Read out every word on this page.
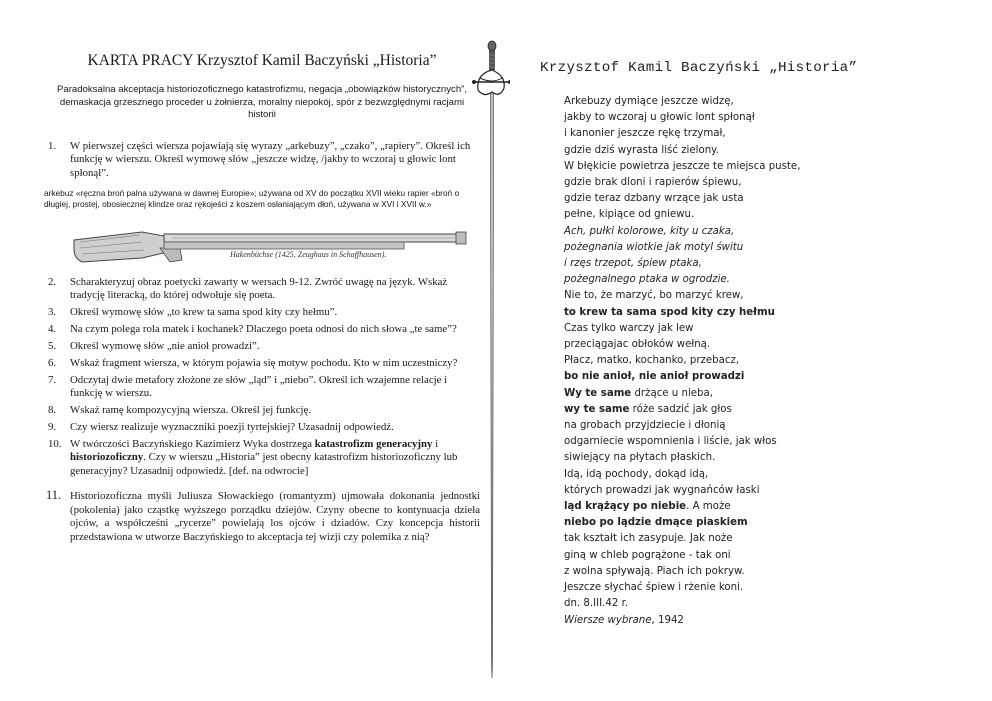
KARTA PRACY Krzysztof Kamil Baczyński „Historia”
Paradoksalna akceptacja historiozoficznego katastrofizmu, negacja „obowiązków historycznych”, demaskacja grzesznego proceder u żołnierza, moralny niepokój, spór z bezwzględnymi racjami historii
1. W pierwszej części wiersza pojawiają się wyrazy „arkebuzy”, „czako”, „rapiery”. Określ ich funkcję w wierszu. Określ wymowę słów „jeszcze widzę, /jakby to wczoraj u głowic lont spłonął”.
arkebuz «ręczna broń palna używana w dawnej Europie»; używana od XV do początku XVII wieku rapier «broń o długiej, prostej, obosiecznej klindze oraz rękojeści z koszem osłaniającym dłoń, używana w XVI i XVII w.»
Hakenbüchse (1425, Zeughaus in Schaffhausen).
2. Scharakteryzuj obraz poetycki zawarty w wersach 9-12. Zwróć uwagę na język. Wskaż tradycję literacką, do której odwołuje się poeta.
3. Określ wymowę słów „to krew ta sama spod kity czy hełmu”.
4. Na czym polega rola matek i kochanek? Dlaczego poeta odnosi do nich słowa „te same”?
5. Określ wymowę słów „nie anioł prowadzi”.
6. Wskaż fragment wiersza, w którym pojawia się motyw pochodu. Kto w nim uczestniczy?
7. Odczytaj dwie metafory złożone ze słów „ląd” i „niebo”. Określ ich wzajemne relacje i funkcję w wierszu.
8. Wskaż ramę kompozycyjną wiersza. Określ jej funkcję.
9. Czy wiersz realizuje wyznaczniki poezji tyrtejskiej? Uzasadnij odpowiedź.
10. W twórczości Baczyńskiego Kazimierz Wyka dostrzega katastrofizm generacyjny i historiozoficzny. Czy w wierszu „Historia” jest obecny katastrofizm historiozoficzny lub generacyjny? Uzasadnij odpowiedź. [def. na odwrocie]
11. Historiozoficzna myśli Juliusza Słowackiego (romantyzm) ujmowała dokonania jednostki (pokolenia) jako cząstkę wyższego porządku dziejów. Czyny obecne to kontynuacja dzieła ojców, a współcześni „rycerze” powielają los ojców i dziadów. Czy koncepcja historii przedstawiona w utworze Baczyńskiego to akceptacja tej wizji czy polemika z nią?
Krzysztof Kamil Baczyński „Historia”
Arkebuzy dymiące jeszcze widzę,
jakby to wczoraj u głowic lont spłonął
i kanonier jeszcze rękę trzymał,
gdzie dziś wyrasta liść zielony.
W błękicie powietrza jeszcze te miejsca puste,
gdzie brak dloni i rapierów śpiewu,
gdzie teraz dzbany wrzące jak usta
pełne, kipiące od gniewu.
Ach, pułki kolorowe, kity u czaka,
pożegnania wiotkie jak motyl świtu
i rzęs trzepot, śpiew ptaka,
pożegnalnego ptaka w ogrodzie.
Nie to, że marzyć, bo marzyć krew,
to krew ta sama spod kity czy hełmu
Czas tylko warczy jak lew
przeciągajac obłoków wełną.
Płacz, matko, kochanko, przebacz,
bo nie anioł, nie anioł prowadzi
Wy te same drżące u nieba,
wy te same róże sadzić jak głos
na grobach przyjdziecie i dłonią
odgarniecie wspomnienia i liście, jak włos
siwiejący na płytach płaskich.
Idą, idą pochody, dokąd idą,
których prowadzi jak wygnańców łaski
ląd krążący po niebie. A może
niebo po lądzie dmące piaskiem
tak kształt ich zasypuje. Jak noże
giną w chleb pogrążone - tak oni
z wolna spływają. Piach ich pokryw.
Jeszcze słychać śpiew i rżenie koni.
dn. 8.III.42 r.
Wiersze wybrane, 1942
